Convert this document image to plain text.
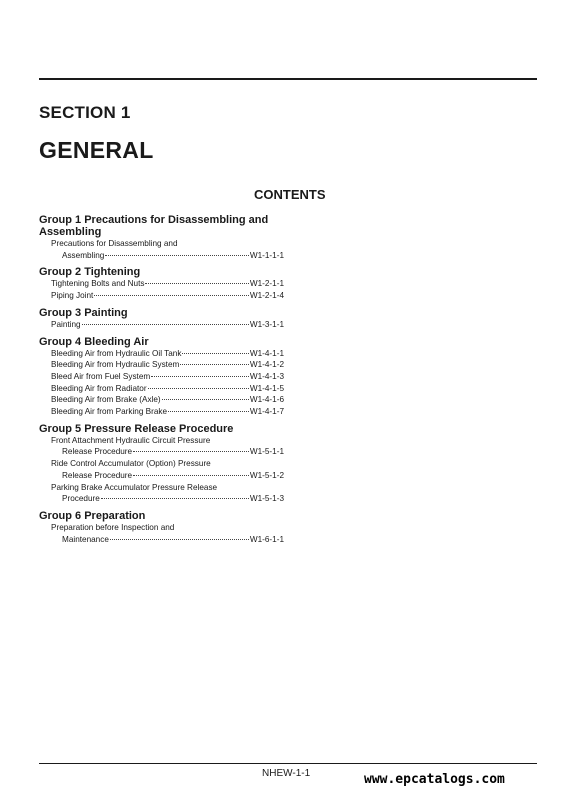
SECTION 1
GENERAL
CONTENTS
Group 1 Precautions for Disassembling and
Assembling
Precautions for Disassembling and
Assembling	W1-1-1-1
Group 2 Tightening
Tightening Bolts and Nuts	W1-2-1-1
Piping Joint	W1-2-1-4
Group 3 Painting
Painting	W1-3-1-1
Group 4 Bleeding Air
Bleeding Air from Hydraulic Oil Tank	W1-4-1-1
Bleeding Air from Hydraulic System	W1-4-1-2
Bleed Air from Fuel System	W1-4-1-3
Bleeding Air from Radiator	W1-4-1-5
Bleeding Air from Brake (Axle)	W1-4-1-6
Bleeding Air from Parking Brake	W1-4-1-7
Group 5 Pressure Release Procedure
Front Attachment Hydraulic Circuit Pressure
Release Procedure	W1-5-1-1
Ride Control Accumulator (Option) Pressure
Release Procedure	W1-5-1-2
Parking Brake Accumulator Pressure Release
Procedure	W1-5-1-3
Group 6 Preparation
Preparation before Inspection and
Maintenance	W1-6-1-1
NHEW-1-1	www.epcatalogs.com
